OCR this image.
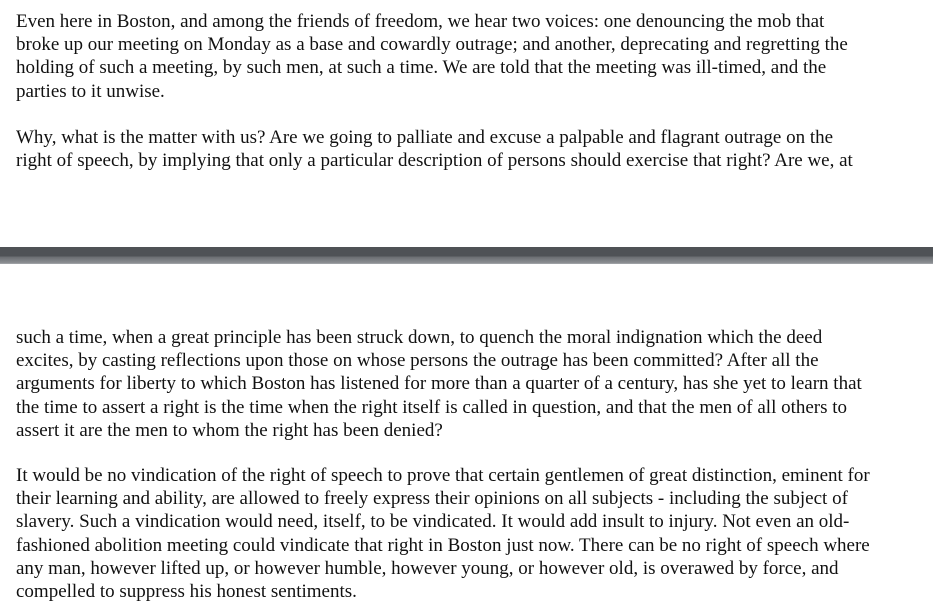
Even here in Boston, and among the friends of freedom, we hear two voices: one denouncing the mob that
broke up our meeting on Monday as a base and cowardly outrage; and another, deprecating and regretting the
holding of such a meeting, by such men, at such a time. We are told that the meeting was ill-timed, and the
parties to it unwise.

Why, what is the matter with us? Are we going to palliate and excuse a palpable and flagrant outrage on the
right of speech, by implying that only a particular description of persons should exercise that right? Are we, at

such a time, when a great principle has been struck down, to quench the moral indignation which the deed
excites, by casting reflections upon those on whose persons the outrage has been committed? After all the
arguments for liberty to which Boston has listened for more than a quarter of a century, has she yet to learn that
the time to assert a right is the time when the right itself is called in question, and that the men of all others to
assert it are the men to whom the right has been denied?

It would be no vindication of the right of speech to prove that certain gentlemen of great distinction, eminent for
their learning and ability, are allowed to freely express their opinions on all subjects - including the subject of
slavery. Such a vindication would need, itself, to be vindicated. It would add insult to injury. Not even an old-
fashioned abolition meeting could vindicate that right in Boston just now. There can be no right of speech where
any man, however lifted up, or however humble, however young, or however old, is overawed by force, and
compelled to suppress his honest sentiments.
